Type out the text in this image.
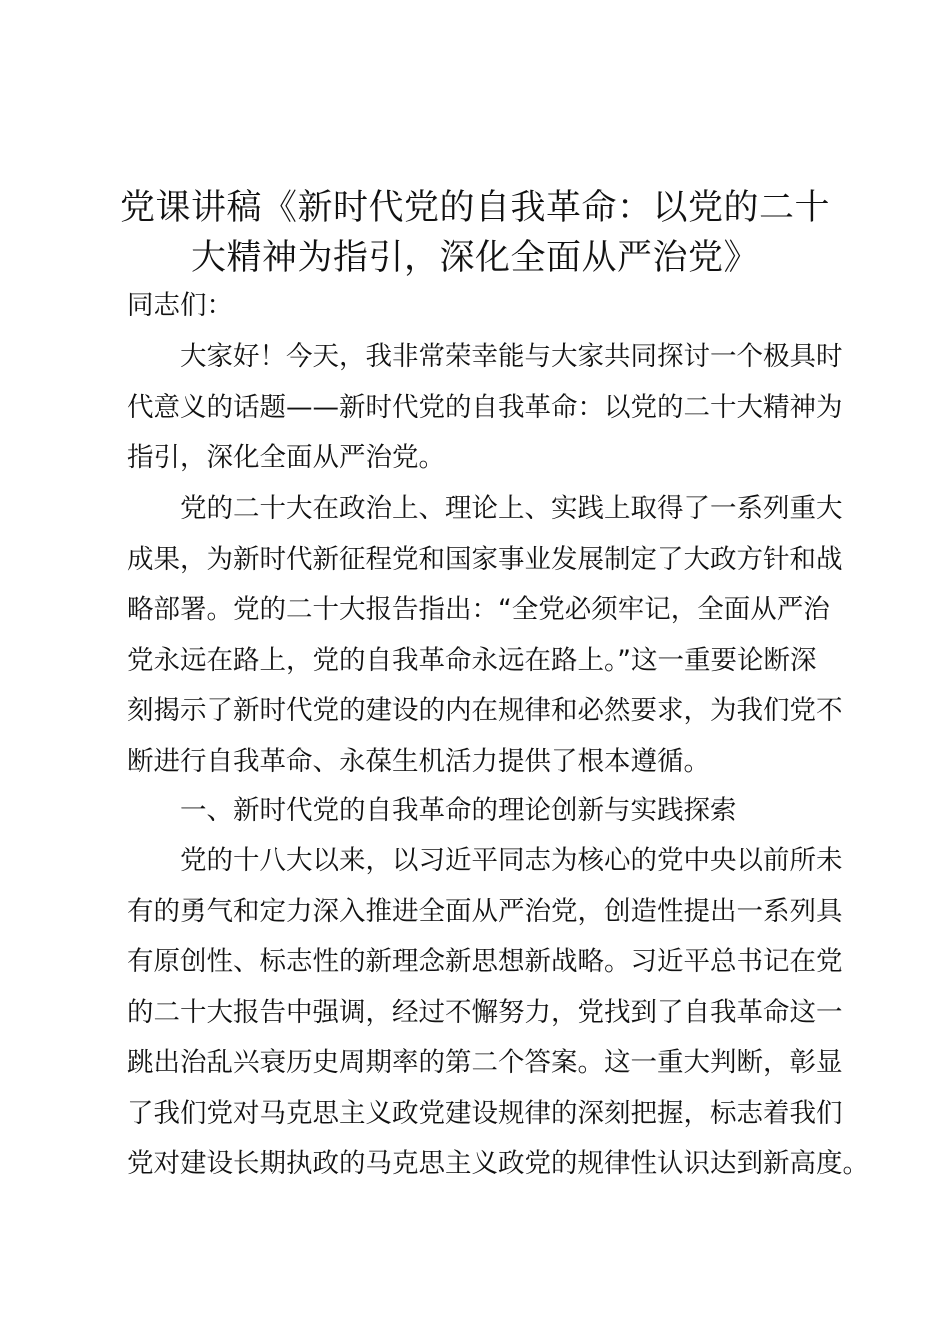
党课讲稿《新时代党的自我革命：以党的二十
大精神为指引，深化全面从严治党》

同志们：

大家好！今天，我非常荣幸能与大家共同探讨一个极具时
代意义的话题——新时代党的自我革命：以党的二十大精神为
指引，深化全面从严治党。

党的二十大在政治上、理论上、实践上取得了一系列重大
成果，为新时代新征程党和国家事业发展制定了大政方针和战
略部署。党的二十大报告指出：“全党必须牢记，全面从严治
党永远在路上，党的自我革命永远在路上。”这一重要论断深
刻揭示了新时代党的建设的内在规律和必然要求，为我们党不
断进行自我革命、永葆生机活力提供了根本遵循。

一、新时代党的自我革命的理论创新与实践探索

党的十八大以来，以习近平同志为核心的党中央以前所未
有的勇气和定力深入推进全面从严治党，创造性提出一系列具
有原创性、标志性的新理念新思想新战略。习近平总书记在党
的二十大报告中强调，经过不懈努力，党找到了自我革命这一
跳出治乱兴衰历史周期率的第二个答案。这一重大判断，彰显
了我们党对马克思主义政党建设规律的深刻把握，标志着我们
党对建设长期执政的马克思主义政党的规律性认识达到新高度。
